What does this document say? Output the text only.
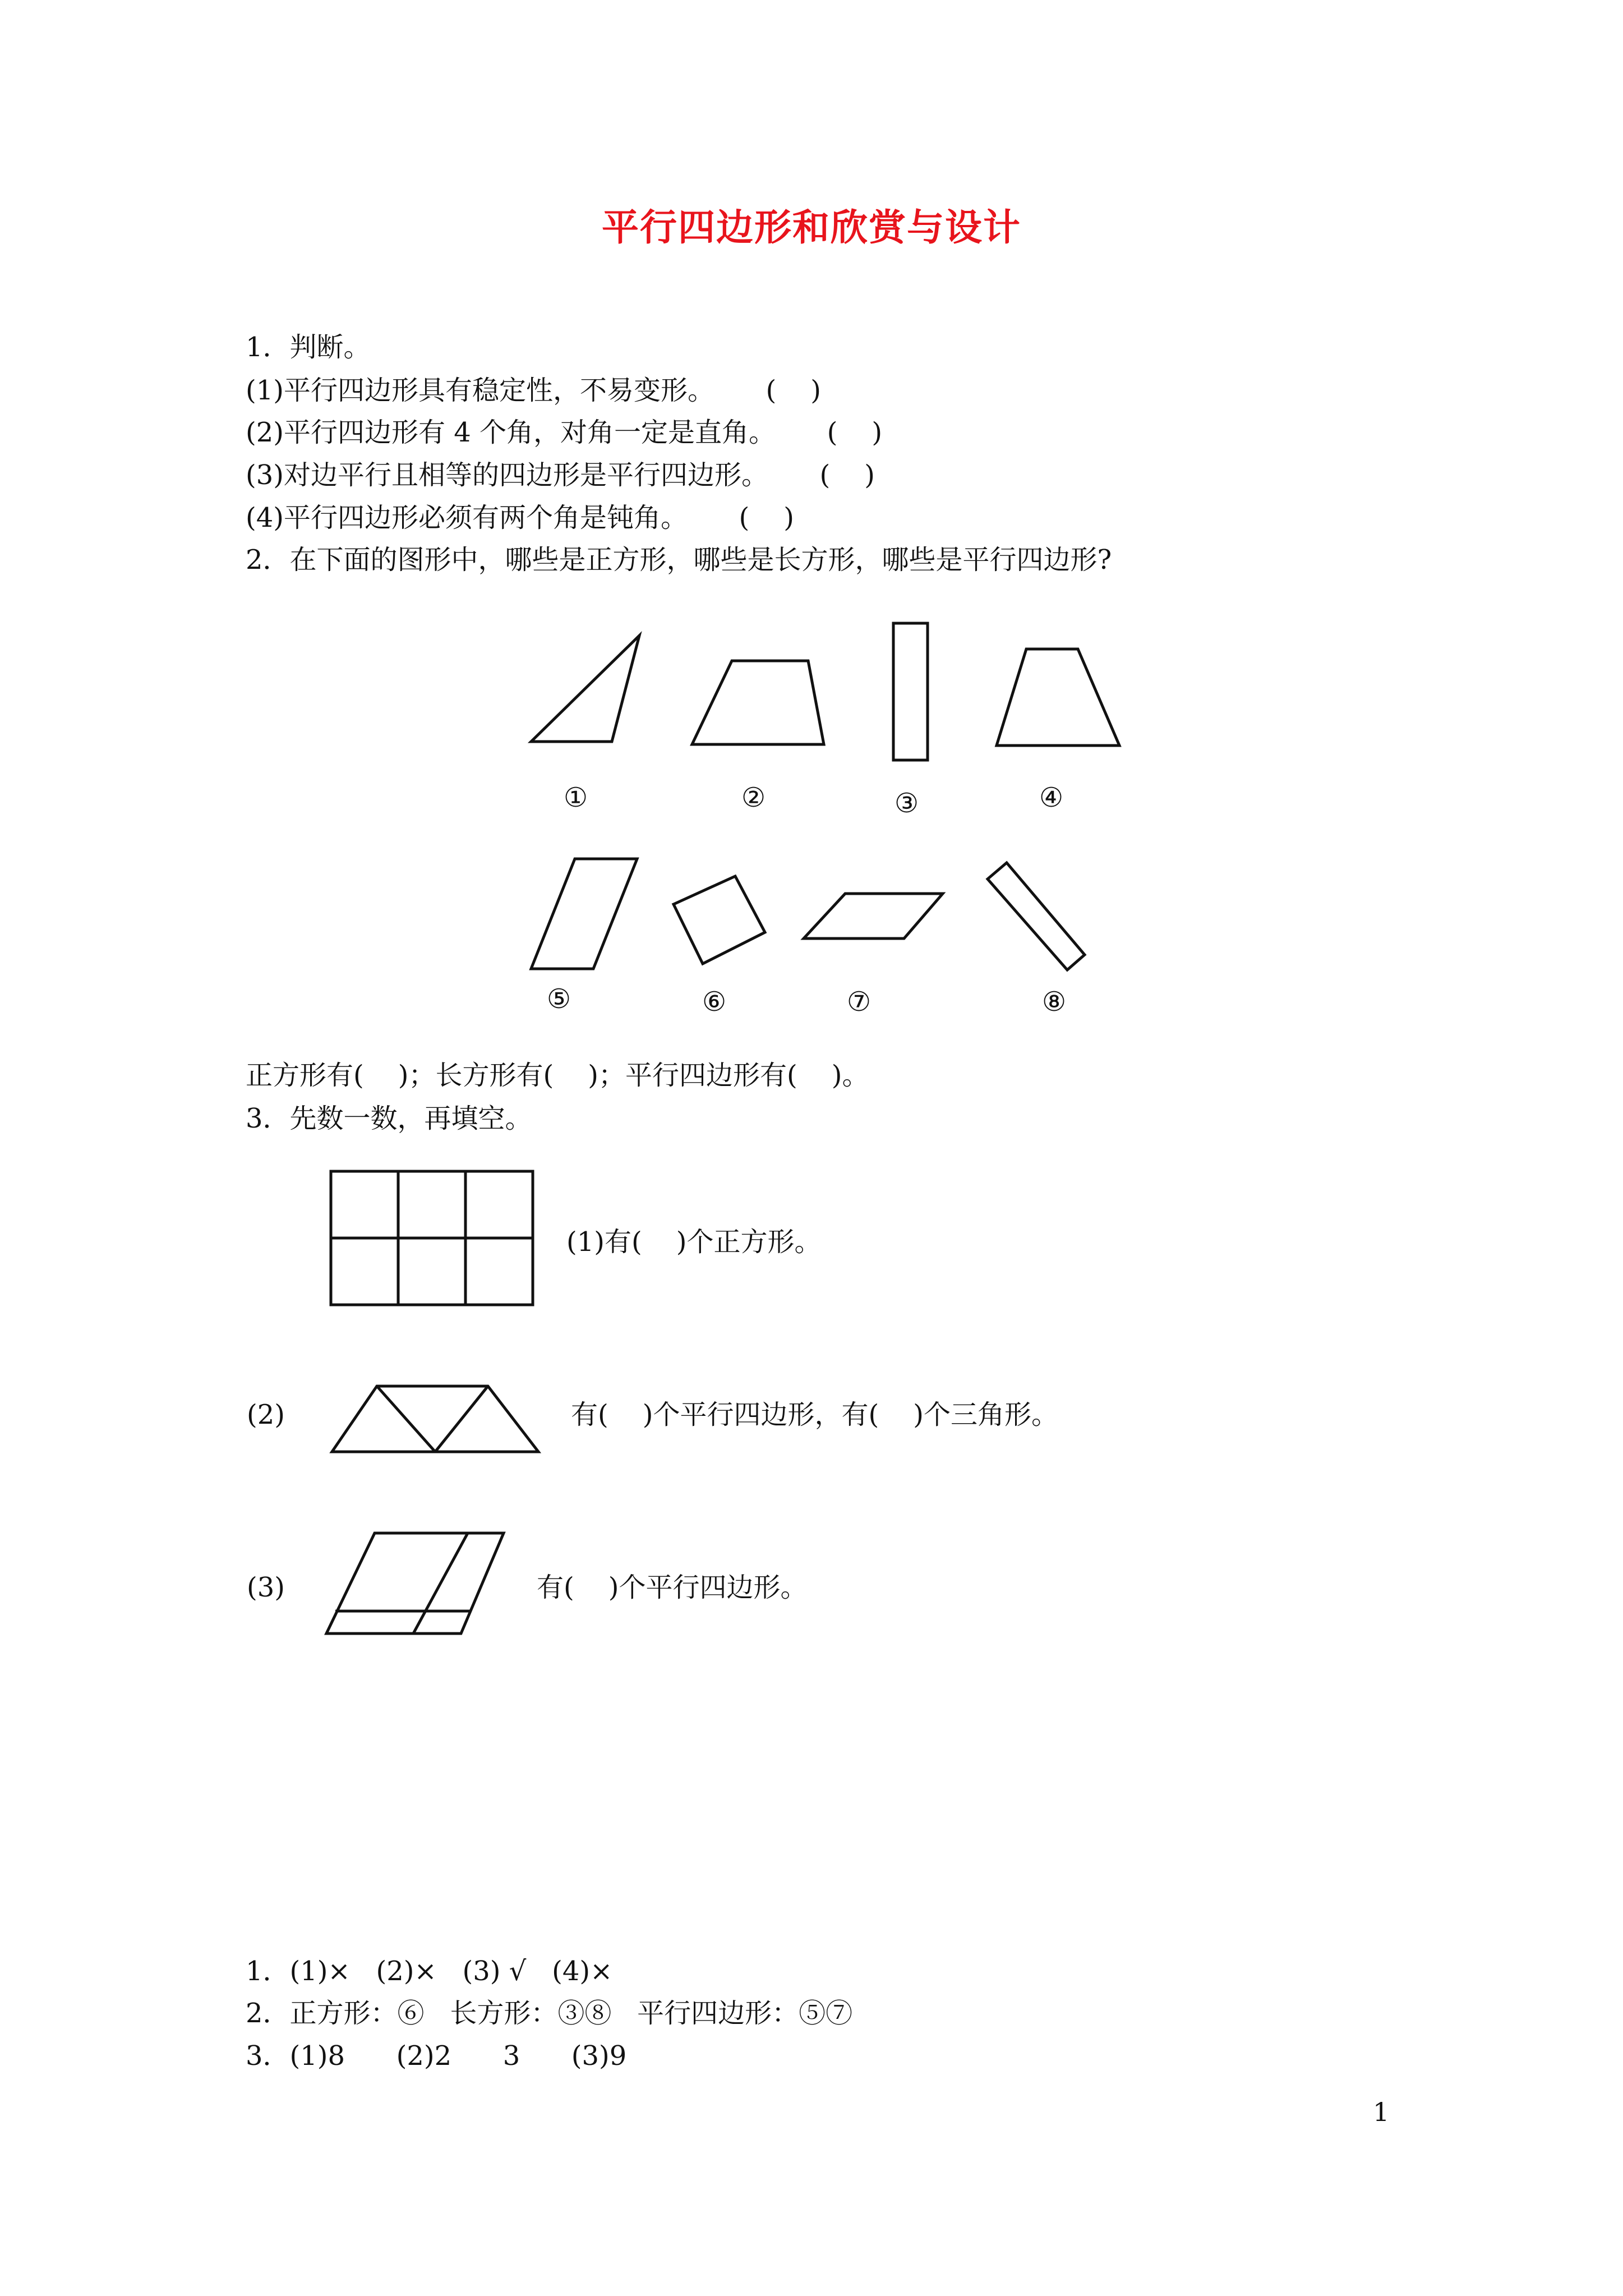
平行四边形和欣赏与设计
1．判断。
(1)平行四边形具有稳定性，不易变形。      (    )
(2)平行四边形有 4 个角，对角一定是直角。      (    )
(3)对边平行且相等的四边形是平行四边形。      (    )
(4)平行四边形必须有两个角是钝角。      (    )
2．在下面的图形中，哪些是正方形，哪些是长方形，哪些是平行四边形?
①	②	③	④
⑤	⑥	⑦	⑧
正方形有(    )；长方形有(    )；平行四边形有(    )。
3．先数一数，再填空。
(1)有(    )个正方形。
(2)	有(    )个平行四边形，有(    )个三角形。
(3)	有(    )个平行四边形。
1．(1)×   (2)×   (3) √   (4)×
2．正方形：⑥   长方形：③⑧   平行四边形：⑤⑦
3．(1)8      (2)2      3      (3)9
1
